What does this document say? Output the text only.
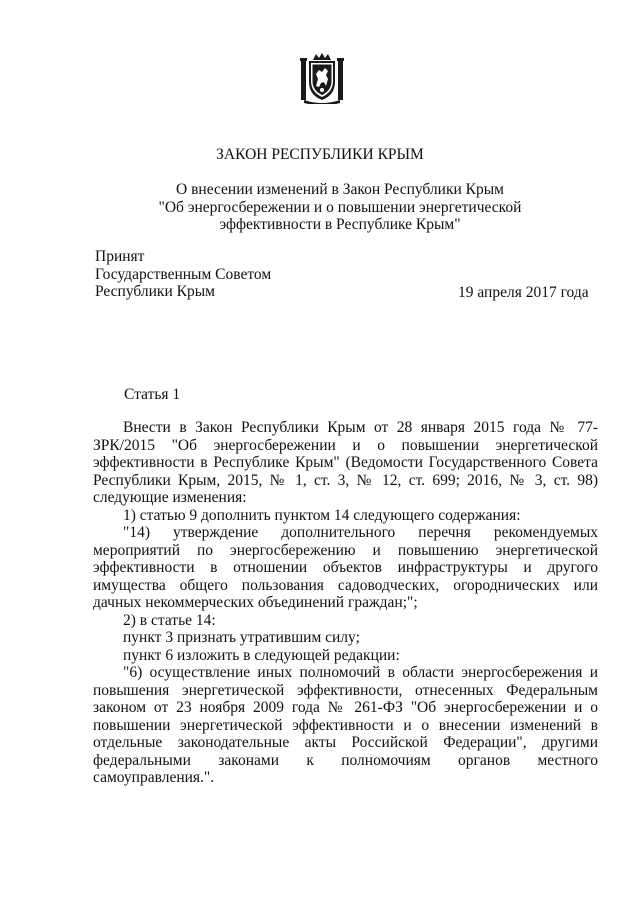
ЗАКОН РЕСПУБЛИКИ КРЫМ
О внесении изменений в Закон Республики Крым
"Об энергосбережении и о повышении энергетической
эффективности в Республике Крым"
Принят
Государственным Советом
Республики Крым	19 апреля 2017 года
Статья 1

Внести в Закон Республики Крым от 28 января 2015 года № 77-ЗРК/2015 "Об энергосбережении и о повышении энергетической эффективности в Республике Крым" (Ведомости Государственного Совета Республики Крым, 2015, № 1, ст. 3, № 12, ст. 699; 2016, № 3, ст. 98) следующие изменения:

1) статью 9 дополнить пунктом 14 следующего содержания:

"14) утверждение дополнительного перечня рекомендуемых мероприятий по энергосбережению и повышению энергетической эффективности в отношении объектов инфраструктуры и другого имущества общего пользования садоводческих, огороднических или дачных некоммерческих объединений граждан;";

2) в статье 14:

пункт 3 признать утратившим силу;

пункт 6 изложить в следующей редакции:

"6) осуществление иных полномочий в области энергосбережения и повышения энергетической эффективности, отнесенных Федеральным законом от 23 ноября 2009 года № 261-ФЗ "Об энергосбережении и о повышении энергетической эффективности и о внесении изменений в отдельные законодательные акты Российской Федерации", другими федеральными законами к полномочиям органов местного самоуправления.".
